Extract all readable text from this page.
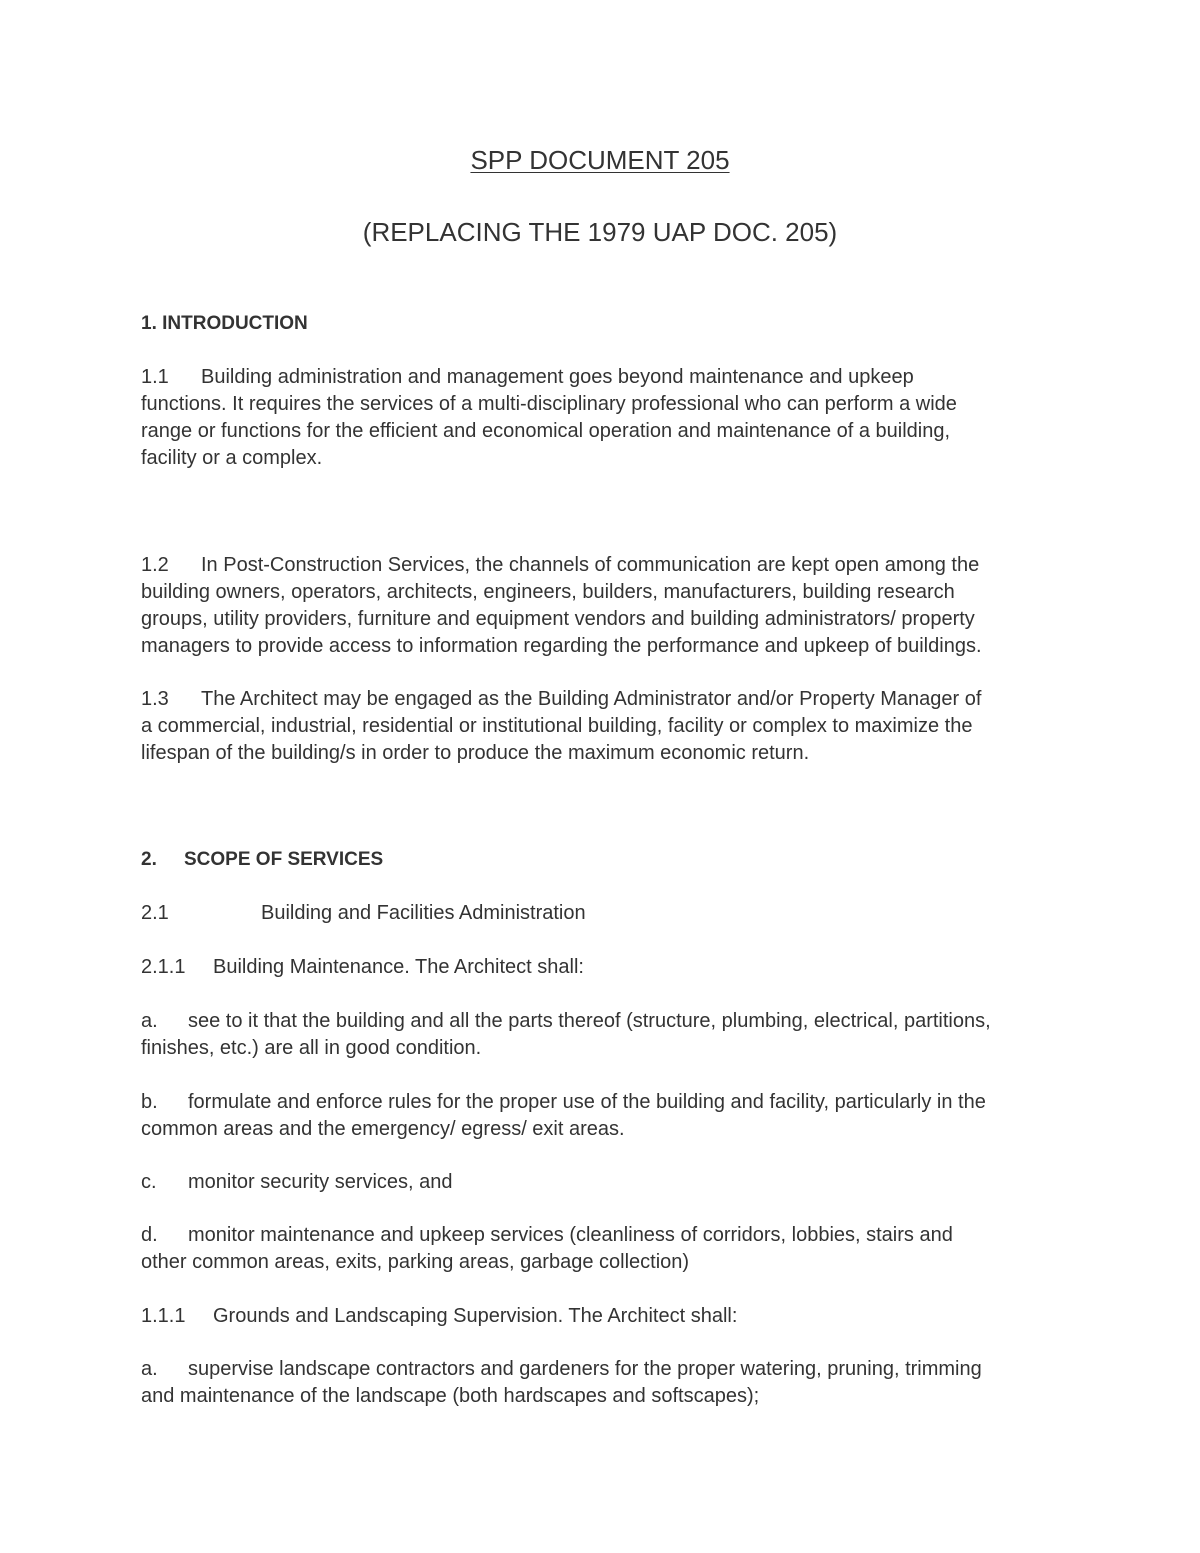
SPP DOCUMENT 205

(REPLACING THE 1979 UAP DOC. 205)

1. INTRODUCTION

1.1 Building administration and management goes beyond maintenance and upkeep

functions. It requires the services of a multi-disciplinary professional who can perform a wide

range or functions for the efficient and economical operation and maintenance of a building,

facility or a complex.

1.2 In Post-Construction Services, the channels of communication are kept open among the

building owners, operators, architects, engineers, builders, manufacturers, building research

groups, utility providers, furniture and equipment vendors and building administrators/ property

managers to provide access to information regarding the performance and upkeep of buildings.

1.3 The Architect may be engaged as the Building Administrator and/or Property Manager of

a commercial, industrial, residential or institutional building, facility or complex to maximize the

lifespan of the building/s in order to produce the maximum economic return.

2. SCOPE OF SERVICES

2.1	Building and Facilities Administration

2.1.1 Building Maintenance. The Architect shall:

a. see to it that the building and all the parts thereof (structure, plumbing, electrical, partitions,

finishes, etc.) are all in good condition.

b. formulate and enforce rules for the proper use of the building and facility, particularly in the

common areas and the emergency/ egress/ exit areas.

c. monitor security services, and

d. monitor maintenance and upkeep services (cleanliness of corridors, lobbies, stairs and

other common areas, exits, parking areas, garbage collection)

1.1.1 Grounds and Landscaping Supervision. The Architect shall:

a. supervise landscape contractors and gardeners for the proper watering, pruning, trimming

and maintenance of the landscape (both hardscapes and softscapes);
